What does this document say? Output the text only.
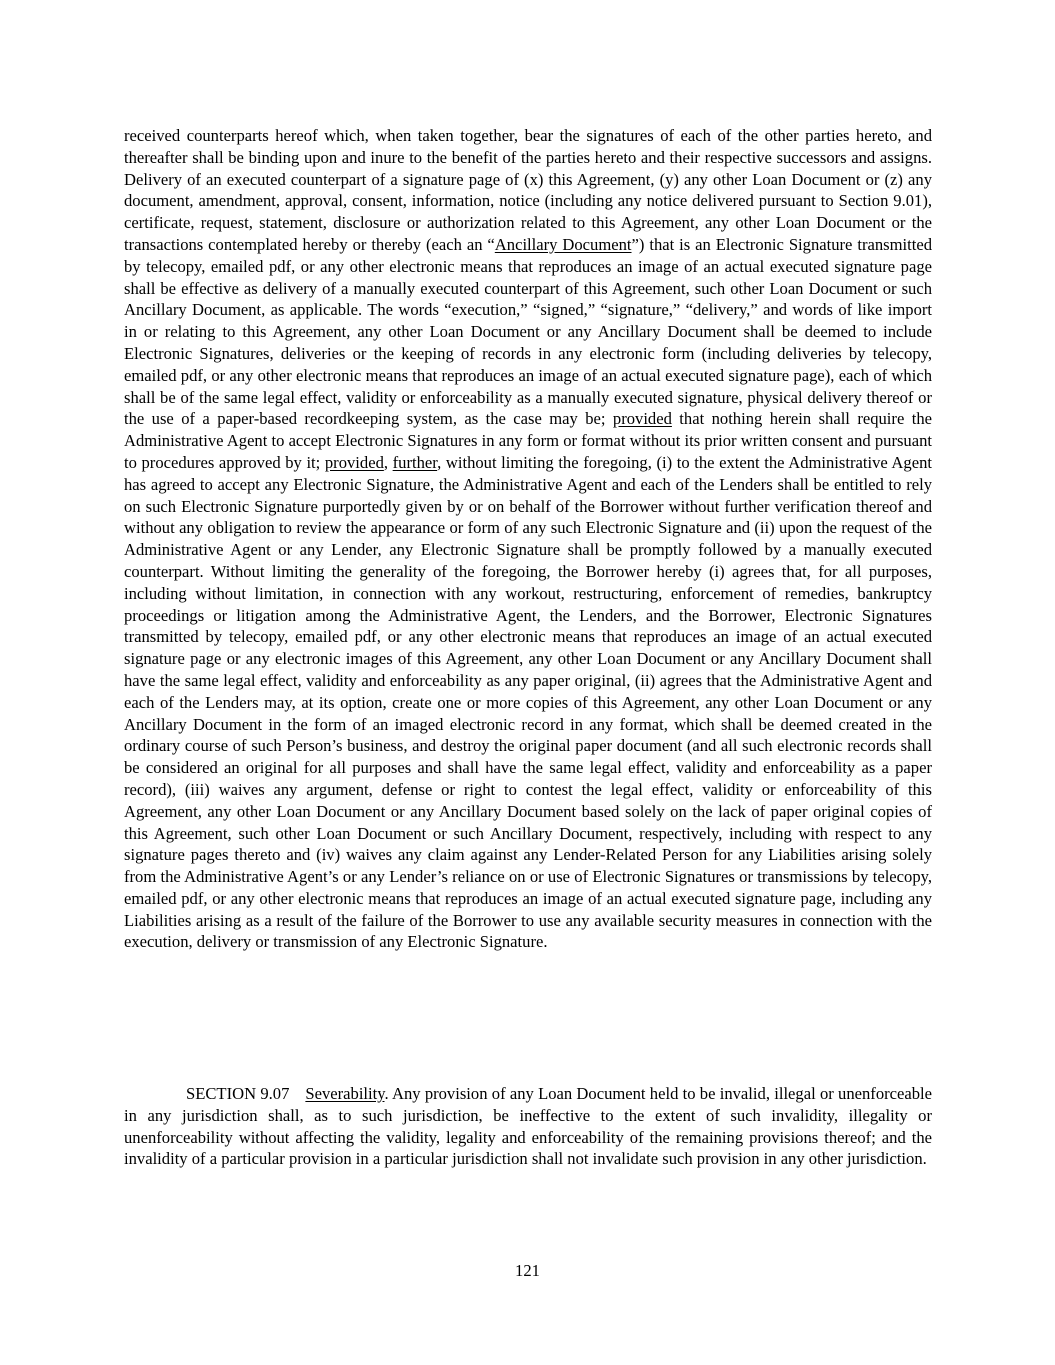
received counterparts hereof which, when taken together, bear the signatures of each of the other parties hereto, and thereafter shall be binding upon and inure to the benefit of the parties hereto and their respective successors and assigns. Delivery of an executed counterpart of a signature page of (x) this Agreement, (y) any other Loan Document or (z) any document, amendment, approval, consent, information, notice (including any notice delivered pursuant to Section 9.01), certificate, request, statement, disclosure or authorization related to this Agreement, any other Loan Document or the transactions contemplated hereby or thereby (each an “Ancillary Document”) that is an Electronic Signature transmitted by telecopy, emailed pdf, or any other electronic means that reproduces an image of an actual executed signature page shall be effective as delivery of a manually executed counterpart of this Agreement, such other Loan Document or such Ancillary Document, as applicable. The words “execution,” “signed,” “signature,” “delivery,” and words of like import in or relating to this Agreement, any other Loan Document or any Ancillary Document shall be deemed to include Electronic Signatures, deliveries or the keeping of records in any electronic form (including deliveries by telecopy, emailed pdf, or any other electronic means that reproduces an image of an actual executed signature page), each of which shall be of the same legal effect, validity or enforceability as a manually executed signature, physical delivery thereof or the use of a paper-based recordkeeping system, as the case may be; provided that nothing herein shall require the Administrative Agent to accept Electronic Signatures in any form or format without its prior written consent and pursuant to procedures approved by it; provided, further, without limiting the foregoing, (i) to the extent the Administrative Agent has agreed to accept any Electronic Signature, the Administrative Agent and each of the Lenders shall be entitled to rely on such Electronic Signature purportedly given by or on behalf of the Borrower without further verification thereof and without any obligation to review the appearance or form of any such Electronic Signature and (ii) upon the request of the Administrative Agent or any Lender, any Electronic Signature shall be promptly followed by a manually executed counterpart. Without limiting the generality of the foregoing, the Borrower hereby (i) agrees that, for all purposes, including without limitation, in connection with any workout, restructuring, enforcement of remedies, bankruptcy proceedings or litigation among the Administrative Agent, the Lenders, and the Borrower, Electronic Signatures transmitted by telecopy, emailed pdf, or any other electronic means that reproduces an image of an actual executed signature page or any electronic images of this Agreement, any other Loan Document or any Ancillary Document shall have the same legal effect, validity and enforceability as any paper original, (ii) agrees that the Administrative Agent and each of the Lenders may, at its option, create one or more copies of this Agreement, any other Loan Document or any Ancillary Document in the form of an imaged electronic record in any format, which shall be deemed created in the ordinary course of such Person’s business, and destroy the original paper document (and all such electronic records shall be considered an original for all purposes and shall have the same legal effect, validity and enforceability as a paper record), (iii) waives any argument, defense or right to contest the legal effect, validity or enforceability of this Agreement, any other Loan Document or any Ancillary Document based solely on the lack of paper original copies of this Agreement, such other Loan Document or such Ancillary Document, respectively, including with respect to any signature pages thereto and (iv) waives any claim against any Lender-Related Person for any Liabilities arising solely from the Administrative Agent’s or any Lender’s reliance on or use of Electronic Signatures or transmissions by telecopy, emailed pdf, or any other electronic means that reproduces an image of an actual executed signature page, including any Liabilities arising as a result of the failure of the Borrower to use any available security measures in connection with the execution, delivery or transmission of any Electronic Signature.

SECTION 9.07 Severability. Any provision of any Loan Document held to be invalid, illegal or unenforceable in any jurisdiction shall, as to such jurisdiction, be ineffective to the extent of such invalidity, illegality or unenforceability without affecting the validity, legality and enforceability of the remaining provisions thereof; and the invalidity of a particular provision in a particular jurisdiction shall not invalidate such provision in any other jurisdiction.

121
